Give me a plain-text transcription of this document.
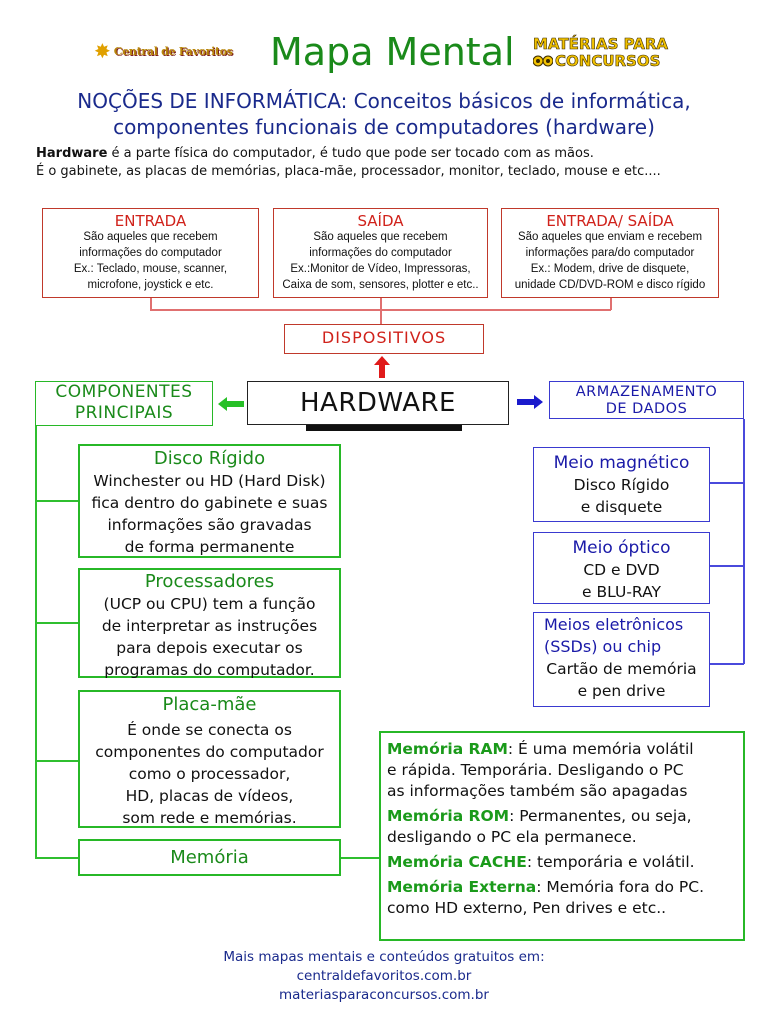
✸ Central de Favoritos Mapa Mental MATÉRIAS PARA
CONCURSOS
NOÇÕES DE INFORMÁTICA: Conceitos básicos de informática,
componentes funcionais de computadores (hardware)
Hardware é a parte física do computador, é tudo que pode ser tocado com as mãos.
É o gabinete, as placas de memórias, placa-mãe, processador, monitor, teclado, mouse e etc....
ENTRADA
São aqueles que recebem
informações do computador
Ex.: Teclado, mouse, scanner,
microfone, joystick e etc.
SAÍDA
São aqueles que recebem
informações do computador
Ex.:Monitor de Vídeo, Impressoras,
Caixa de som, sensores, plotter e etc..
ENTRADA/ SAÍDA
São aqueles que enviam e recebem
informações para/do computador
Ex.: Modem, drive de disquete,
unidade CD/DVD-ROM e disco rígido
DISPOSITIVOS
HARDWARE
COMPONENTES
PRINCIPAIS
Disco Rígido
Winchester ou HD (Hard Disk)
fica dentro do gabinete e suas
informações são gravadas
de forma permanente
Processadores
(UCP ou CPU) tem a função
de interpretar as instruções
para depois executar os
programas do computador.
Placa-mãe
É onde se conecta os
componentes do computador
como o processador,
HD, placas de vídeos,
som rede e memórias.
Memória
Memória RAM: É uma memória volátil
e rápida. Temporária. Desligando o PC
as informações também são apagadas
Memória ROM: Permanentes, ou seja,
desligando o PC ela permanece.
Memória CACHE: temporária e volátil.
Memória Externa: Memória fora do PC.
como HD externo, Pen drives e etc..
ARMAZENAMENTO
DE DADOS
Meio magnético
Disco Rígido
e disquete
Meio óptico
CD e DVD
e BLU-RAY
Meios eletrônicos
(SSDs) ou chip
Cartão de memória
e pen drive
Mais mapas mentais e conteúdos gratuitos em:
centraldefavoritos.com.br
materiasparaconcursos.com.br
